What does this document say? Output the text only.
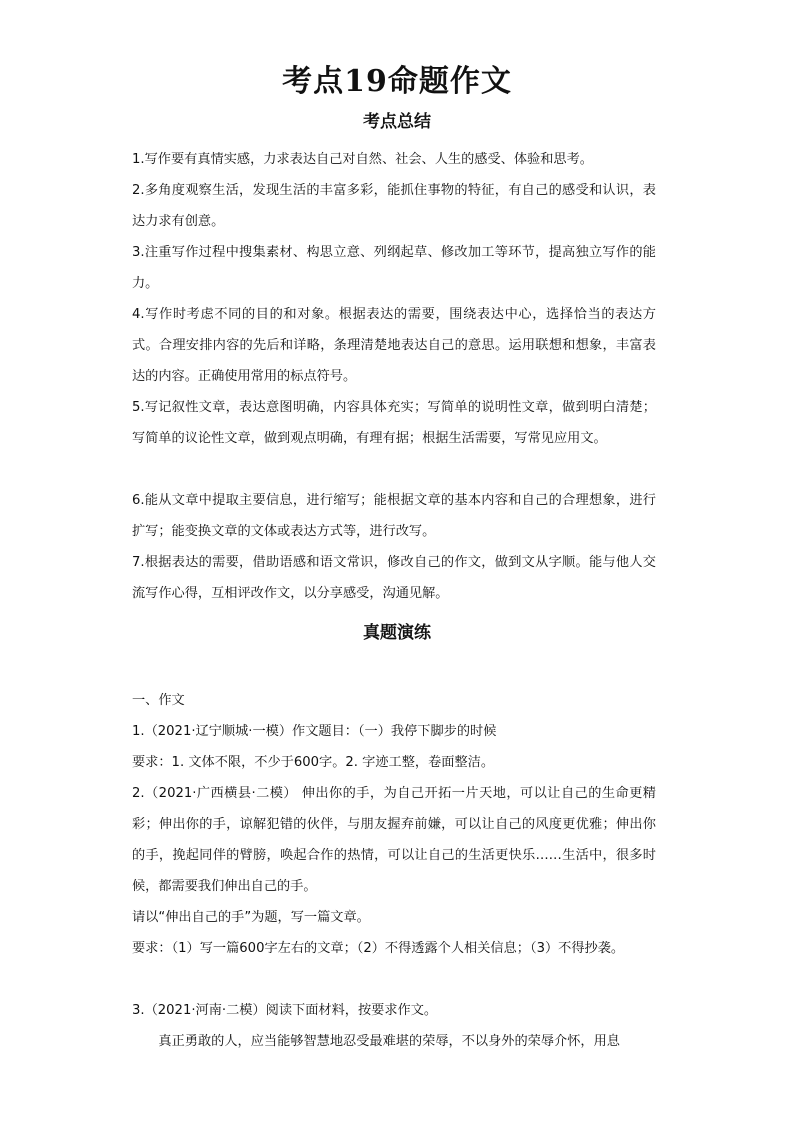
考点19命题作文
考点总结

1.写作要有真情实感，力求表达自己对自然、社会、人生的感受、体验和思考。

2.多角度观察生活，发现生活的丰富多彩，能抓住事物的特征，有自己的感受和认识，表达力求有创意。

3.注重写作过程中搜集素材、构思立意、列纲起草、修改加工等环节，提高独立写作的能力。

4.写作时考虑不同的目的和对象。根据表达的需要，围绕表达中心，选择恰当的表达方式。合理安排内容的先后和详略，条理清楚地表达自己的意思。运用联想和想象，丰富表达的内容。正确使用常用的标点符号。

5.写记叙性文章，表达意图明确，内容具体充实；写简单的说明性文章，做到明白清楚；写简单的议论性文章，做到观点明确，有理有据；根据生活需要，写常见应用文。

6.能从文章中提取主要信息，进行缩写；能根据文章的基本内容和自己的合理想象，进行扩写；能变换文章的文体或表达方式等，进行改写。

7.根据表达的需要，借助语感和语文常识，修改自己的作文，做到文从字顺。能与他人交流写作心得，互相评改作文，以分享感受，沟通见解。

真题演练

一、作文

1.（2021·辽宁顺城·一模）作文题目：（一）我停下脚步的时候

要求：1. 文体不限，不少于600字。2. 字迹工整，卷面整洁。

2.（2021·广西横县·二模） 伸出你的手，为自己开拓一片天地，可以让自己的生命更精彩；伸出你的手，谅解犯错的伙伴，与朋友握弃前嫌，可以让自己的风度更优雅；伸出你的手，挽起同伴的臂膀，唤起合作的热情，可以让自己的生活更快乐……生活中，很多时候，都需要我们伸出自己的手。

请以“伸出自己的手”为题，写一篇文章。

要求：（1）写一篇600字左右的文章；（2）不得透露个人相关信息；（3）不得抄袭。

3.（2021·河南·二模）阅读下面材料，按要求作文。

真正勇敢的人，应当能够智慧地忍受最难堪的荣辱，不以身外的荣辱介怀，用息
